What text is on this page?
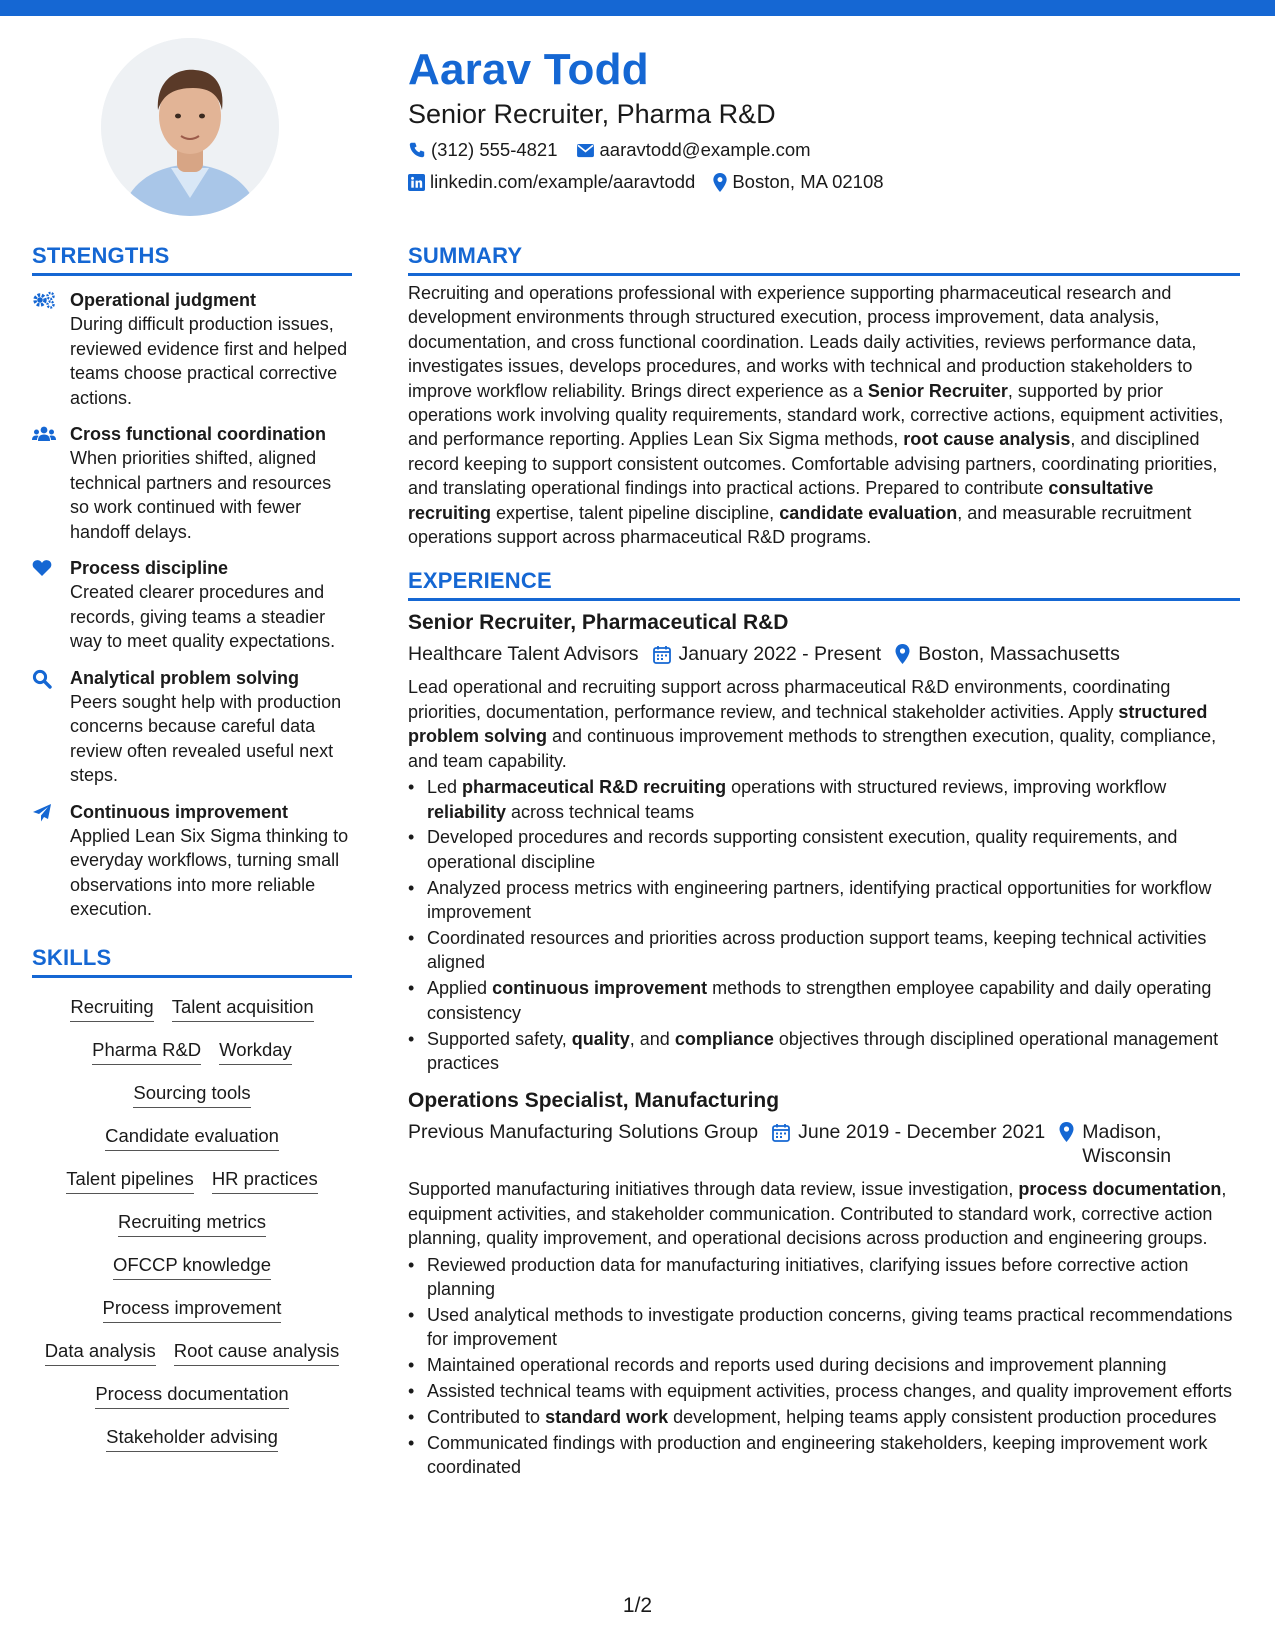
Aarav Todd
Senior Recruiter, Pharma R&D
(312) 555-4821 aaravtodd@example.com
linkedin.com/example/aaravtodd Boston, MA 02108
STRENGTHS
Operational judgment
During difficult production issues, reviewed evidence first and helped teams choose practical corrective actions.
Cross functional coordination
When priorities shifted, aligned technical partners and resources so work continued with fewer handoff delays.
Process discipline
Created clearer procedures and records, giving teams a steadier way to meet quality expectations.
Analytical problem solving
Peers sought help with production concerns because careful data review often revealed useful next steps.
Continuous improvement
Applied Lean Six Sigma thinking to everyday workflows, turning small observations into more reliable execution.
SKILLS
Recruiting Talent acquisition
Pharma R&D Workday
Sourcing tools
Candidate evaluation
Talent pipelines HR practices
Recruiting metrics
OFCCP knowledge
Process improvement
Data analysis Root cause analysis
Process documentation
Stakeholder advising
SUMMARY
Recruiting and operations professional with experience supporting pharmaceutical research and development environments through structured execution, process improvement, data analysis, documentation, and cross functional coordination. Leads daily activities, reviews performance data, investigates issues, develops procedures, and works with technical and production stakeholders to improve workflow reliability. Brings direct experience as a Senior Recruiter, supported by prior operations work involving quality requirements, standard work, corrective actions, equipment activities, and performance reporting. Applies Lean Six Sigma methods, root cause analysis, and disciplined record keeping to support consistent outcomes. Comfortable advising partners, coordinating priorities, and translating operational findings into practical actions. Prepared to contribute consultative recruiting expertise, talent pipeline discipline, candidate evaluation, and measurable recruitment operations support across pharmaceutical R&D programs.
EXPERIENCE
Senior Recruiter, Pharmaceutical R&D
Healthcare Talent Advisors January 2022 - Present Boston, Massachusetts
Lead operational and recruiting support across pharmaceutical R&D environments, coordinating priorities, documentation, performance review, and technical stakeholder activities. Apply structured problem solving and continuous improvement methods to strengthen execution, quality, compliance, and team capability.
• Led pharmaceutical R&D recruiting operations with structured reviews, improving workflow reliability across technical teams
• Developed procedures and records supporting consistent execution, quality requirements, and operational discipline
• Analyzed process metrics with engineering partners, identifying practical opportunities for workflow improvement
• Coordinated resources and priorities across production support teams, keeping technical activities aligned
• Applied continuous improvement methods to strengthen employee capability and daily operating consistency
• Supported safety, quality, and compliance objectives through disciplined operational management practices
Operations Specialist, Manufacturing
Previous Manufacturing Solutions Group June 2019 - December 2021 Madison, Wisconsin
Supported manufacturing initiatives through data review, issue investigation, process documentation, equipment activities, and stakeholder communication. Contributed to standard work, corrective action planning, quality improvement, and operational decisions across production and engineering groups.
• Reviewed production data for manufacturing initiatives, clarifying issues before corrective action planning
• Used analytical methods to investigate production concerns, giving teams practical recommendations for improvement
• Maintained operational records and reports used during decisions and improvement planning
• Assisted technical teams with equipment activities, process changes, and quality improvement efforts
• Contributed to standard work development, helping teams apply consistent production procedures
• Communicated findings with production and engineering stakeholders, keeping improvement work coordinated
1/2
